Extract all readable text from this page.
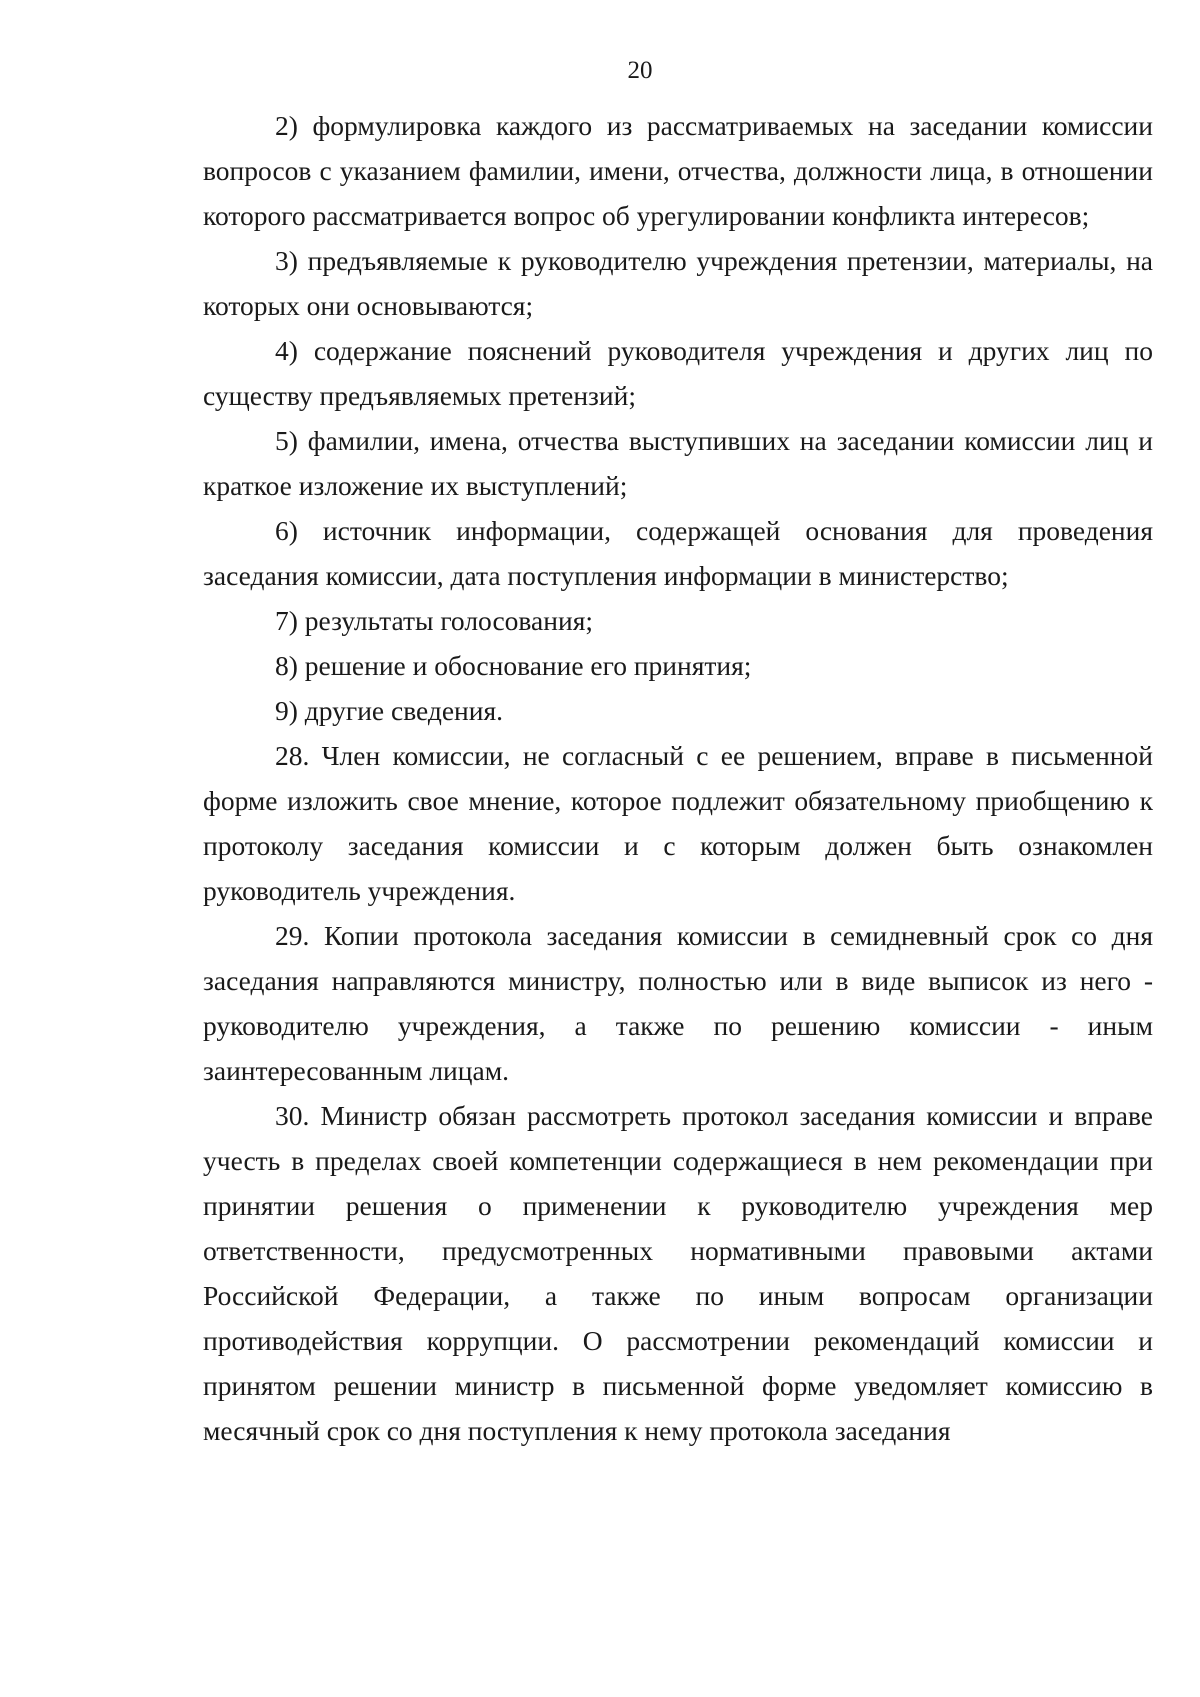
20

2) формулировка каждого из рассматриваемых на заседании комиссии вопросов с указанием фамилии, имени, отчества, должности лица, в отношении которого рассматривается вопрос об урегулировании конфликта интересов;

3) предъявляемые к руководителю учреждения претензии, материалы, на которых они основываются;

4) содержание пояснений руководителя учреждения и других лиц по существу предъявляемых претензий;

5) фамилии, имена, отчества выступивших на заседании комиссии лиц и краткое изложение их выступлений;

6) источник информации, содержащей основания для проведения заседания комиссии, дата поступления информации в министерство;

7) результаты голосования;

8) решение и обоснование его принятия;

9) другие сведения.

28. Член комиссии, не согласный с ее решением, вправе в письменной форме изложить свое мнение, которое подлежит обязательному приобщению к протоколу заседания комиссии и с которым должен быть ознакомлен руководитель учреждения.

29. Копии протокола заседания комиссии в семидневный срок со дня заседания направляются министру, полностью или в виде выписок из него - руководителю учреждения, а также по решению комиссии - иным заинтересованным лицам.

30. Министр обязан рассмотреть протокол заседания комиссии и вправе учесть в пределах своей компетенции содержащиеся в нем рекомендации при принятии решения о применении к руководителю учреждения мер ответственности, предусмотренных нормативными правовыми актами Российской Федерации, а также по иным вопросам организации противодействия коррупции. О рассмотрении рекомендаций комиссии и принятом решении министр в письменной форме уведомляет комиссию в месячный срок со дня поступления к нему протокола заседания
